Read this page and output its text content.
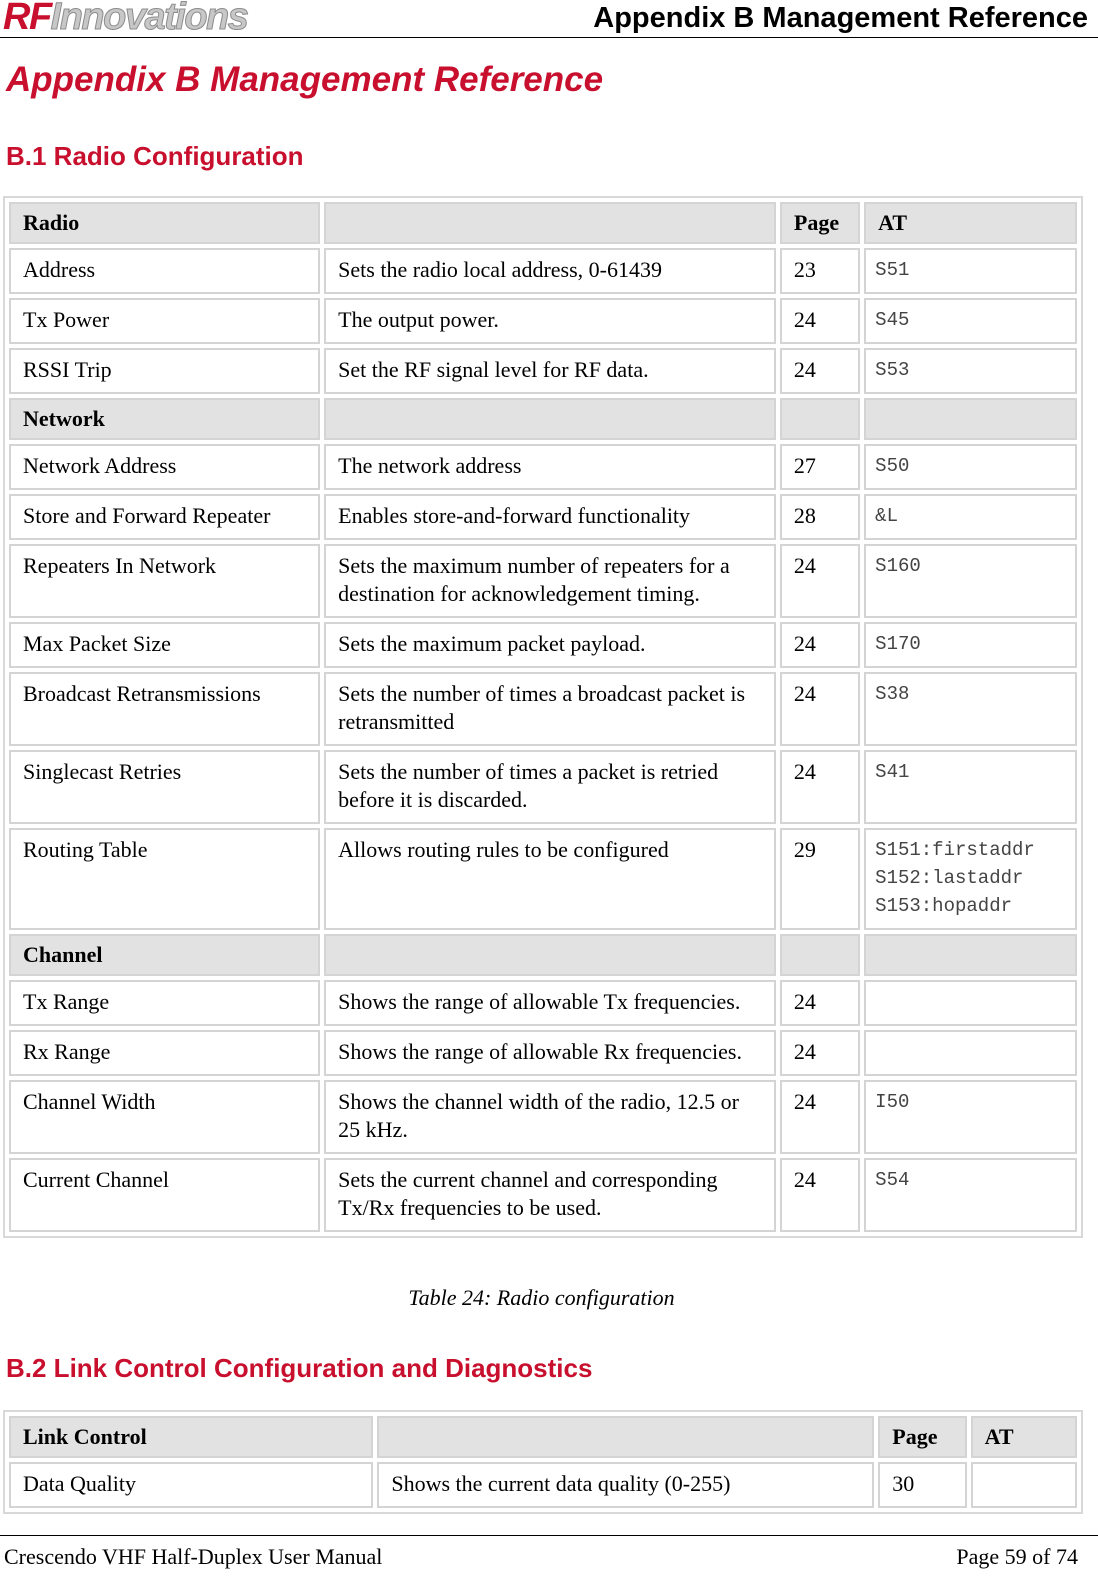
RFInnovations	Appendix B Management Reference
Appendix B Management Reference
B.1 Radio Configuration
Radio		Page	AT
Address	Sets the radio local address, 0-61439	23	S51
Tx Power	The output power.	24	S45
RSSI Trip	Set the RF signal level for RF data.	24	S53
Network			
Network Address	The network address	27	S50
Store and Forward Repeater	Enables store-and-forward functionality	28	&L
Repeaters In Network	Sets the maximum number of repeaters for a destination for acknowledgement timing.	24	S160
Max Packet Size	Sets the maximum packet payload.	24	S170
Broadcast Retransmissions	Sets the number of times a broadcast packet is retransmitted	24	S38
Singlecast Retries	Sets the number of times a packet is retried before it is discarded.	24	S41
Routing Table	Allows routing rules to be configured	29	S151:firstaddr
S152:lastaddr
S153:hopaddr
Channel			
Tx Range	Shows the range of allowable Tx frequencies.	24	
Rx Range	Shows the range of allowable Rx frequencies.	24	
Channel Width	Shows the channel width of the radio, 12.5 or 25 kHz.	24	I50
Current Channel	Sets the current channel and corresponding Tx/Rx frequencies to be used.	24	S54
Table 24: Radio configuration
B.2 Link Control Configuration and Diagnostics
Link Control		Page	AT
Data Quality	Shows the current data quality (0-255)	30	
Crescendo VHF Half-Duplex User Manual	Page 59 of 74
